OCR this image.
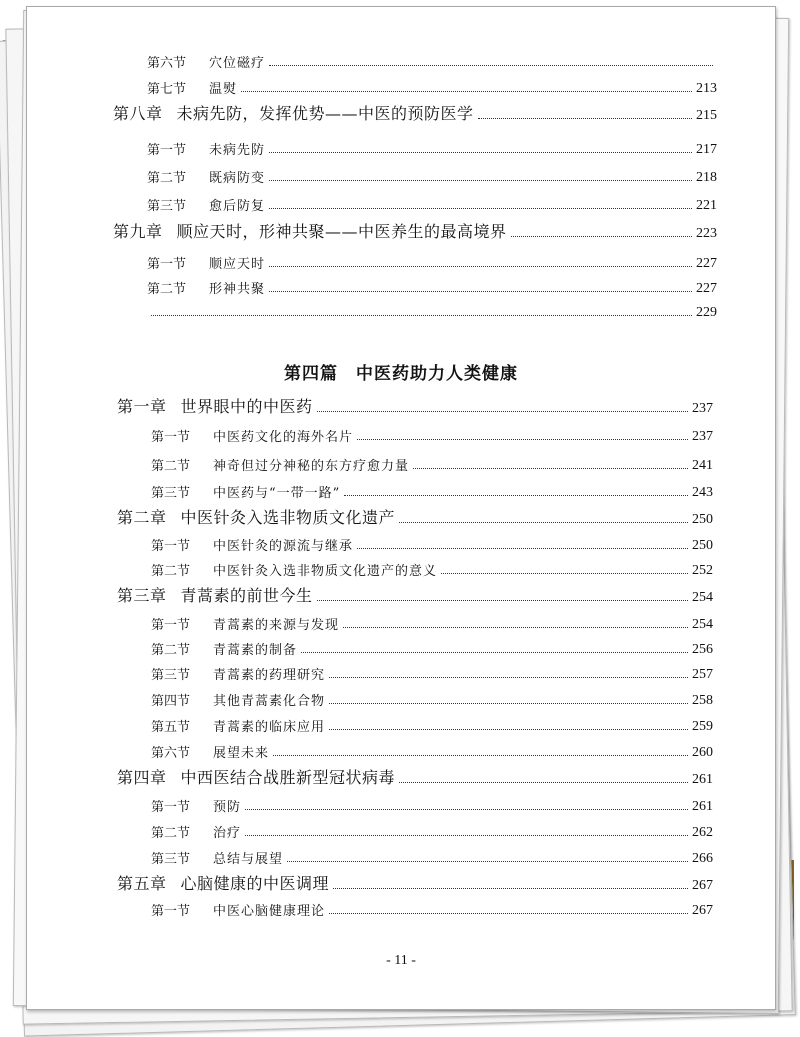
第六节 穴位磁疗
第七节 温熨	213
第八章 未病先防，发挥优势——中医的预防医学	215
第一节 未病先防	217
第二节 既病防变	218
第三节 愈后防复	221
第九章 顺应天时，形神共聚——中医养生的最高境界	223
第一节 顺应天时	227
第二节 形神共聚	227
229
第四篇 中医药助力人类健康
第一章 世界眼中的中医药	237
第一节 中医药文化的海外名片	237
第二节 神奇但过分神秘的东方疗愈力量	241
第三节 中医药与“一带一路”	243
第二章 中医针灸入选非物质文化遗产	250
第一节 中医针灸的源流与继承	250
第二节 中医针灸入选非物质文化遗产的意义	252
第三章 青蒿素的前世今生	254
第一节 青蒿素的来源与发现	254
第二节 青蒿素的制备	256
第三节 青蒿素的药理研究	257
第四节 其他青蒿素化合物	258
第五节 青蒿素的临床应用	259
第六节 展望未来	260
第四章 中西医结合战胜新型冠状病毒	261
第一节 预防	261
第二节 治疗	262
第三节 总结与展望	266
第五章 心脑健康的中医调理	267
第一节 中医心脑健康理论	267
- 11 -
